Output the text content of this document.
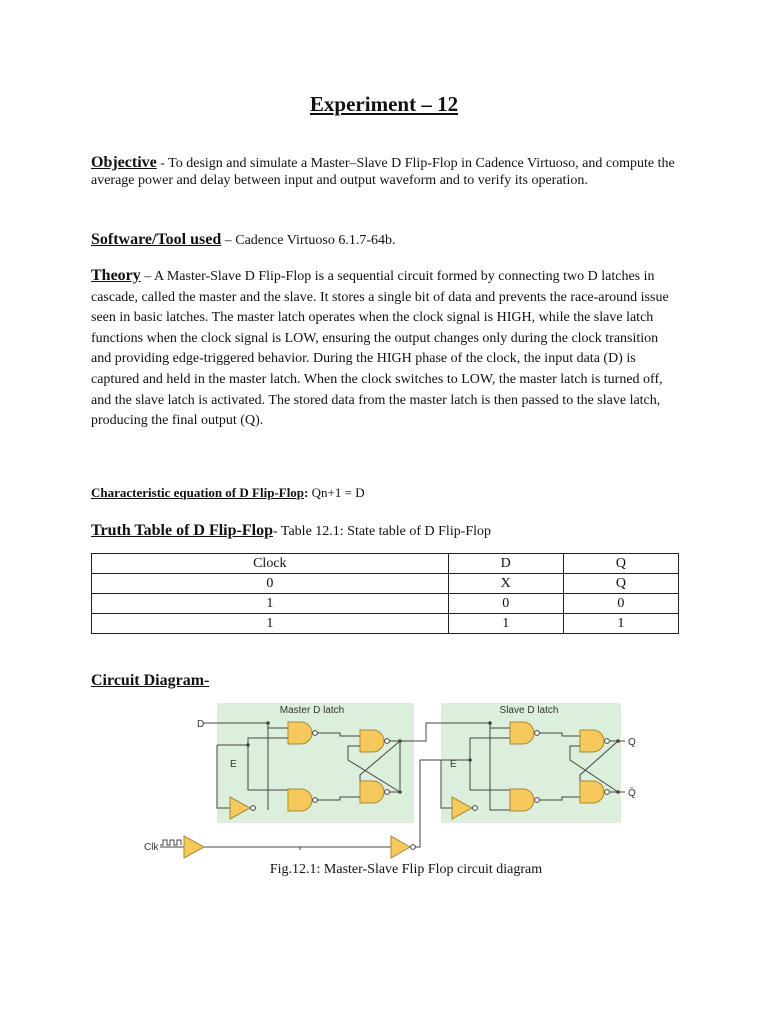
Experiment – 12
Objective - To design and simulate a Master–Slave D Flip-Flop in Cadence Virtuoso, and compute the average power and delay between input and output waveform and to verify its operation.
Software/Tool used – Cadence Virtuoso 6.1.7-64b.
Theory – A Master-Slave D Flip-Flop is a sequential circuit formed by connecting two D latches in cascade, called the master and the slave. It stores a single bit of data and prevents the race-around issue seen in basic latches. The master latch operates when the clock signal is HIGH, while the slave latch functions when the clock signal is LOW, ensuring the output changes only during the clock transition and providing edge-triggered behavior. During the HIGH phase of the clock, the input data (D) is captured and held in the master latch. When the clock switches to LOW, the master latch is turned off, and the slave latch is activated. The stored data from the master latch is then passed to the slave latch, producing the final output (Q).
Characteristic equation of D Flip-Flop: Qn+1 = D
Truth Table of D Flip-Flop- Table 12.1: State table of D Flip-Flop
Clock	D	Q
0	X	Q
1	0	0
1	1	1
Circuit Diagram-
Master D latch	Slave D latch
D
E	E
Clk
Q
Q̄
Fig.12.1: Master-Slave Flip Flop circuit diagram
